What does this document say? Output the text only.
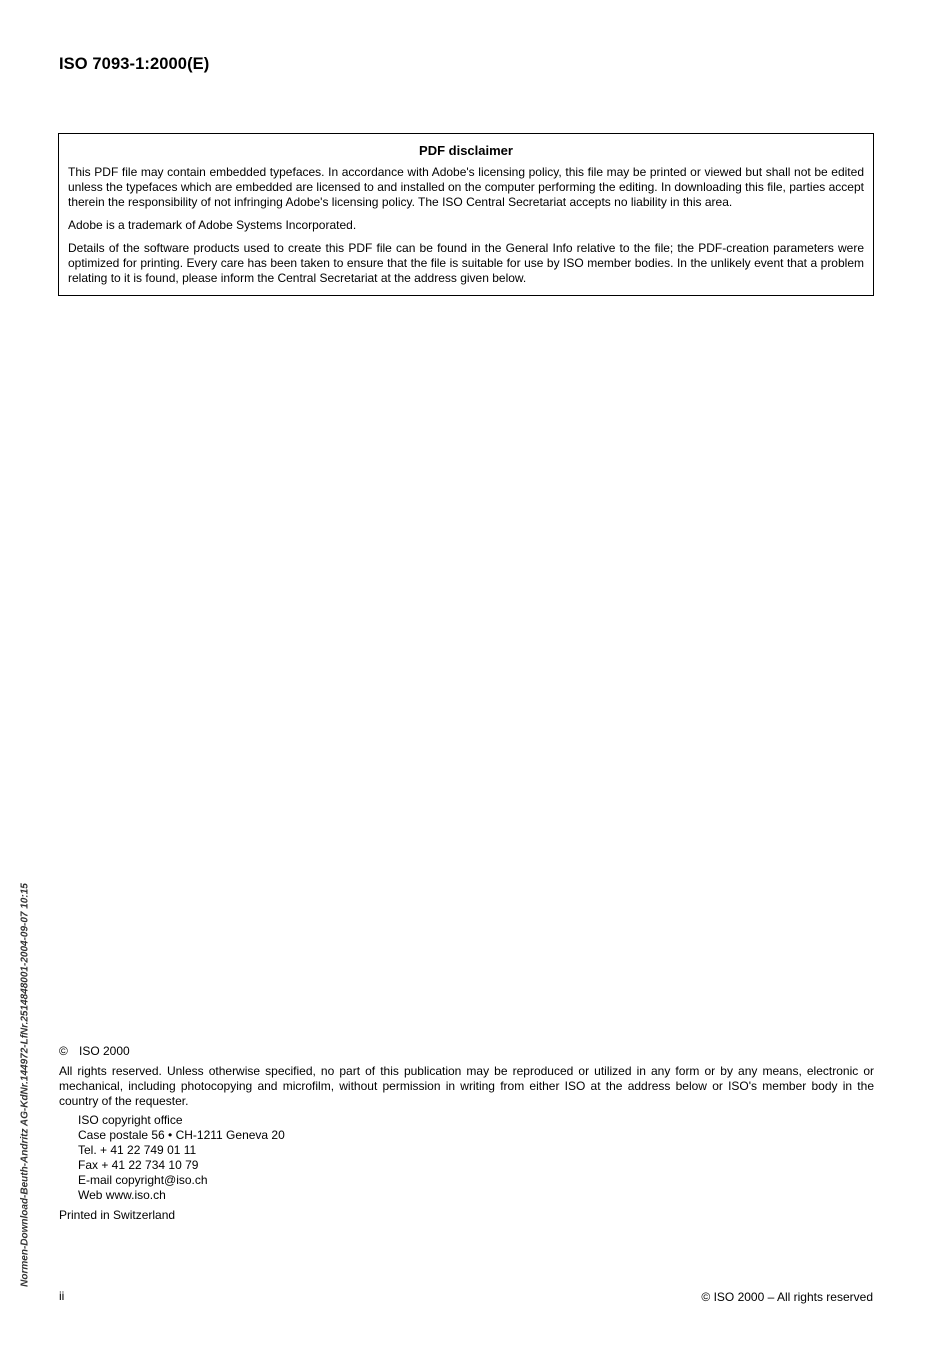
ISO 7093-1:2000(E)
PDF disclaimer

This PDF file may contain embedded typefaces. In accordance with Adobe's licensing policy, this file may be printed or viewed but shall not be edited unless the typefaces which are embedded are licensed to and installed on the computer performing the editing. In downloading this file, parties accept therein the responsibility of not infringing Adobe's licensing policy. The ISO Central Secretariat accepts no liability in this area.

Adobe is a trademark of Adobe Systems Incorporated.

Details of the software products used to create this PDF file can be found in the General Info relative to the file; the PDF-creation parameters were optimized for printing. Every care has been taken to ensure that the file is suitable for use by ISO member bodies. In the unlikely event that a problem relating to it is found, please inform the Central Secretariat at the address given below.

Normen-Download-Beuth-Andritz AG-KdNr.144972-LfNr.2514848001-2004-09-07 10:15 © ISO 2000
All rights reserved. Unless otherwise specified, no part of this publication may be reproduced or utilized in any form or by any means, electronic or mechanical, including photocopying and microfilm, without permission in writing from either ISO at the address below or ISO's member body in the country of the requester.
ISO copyright office
Case postale 56 • CH-1211 Geneva 20
Tel. + 41 22 749 01 11
Fax + 41 22 734 10 79
E-mail copyright@iso.ch
Web www.iso.ch
Printed in Switzerland
ii	© ISO 2000 – All rights reserved
